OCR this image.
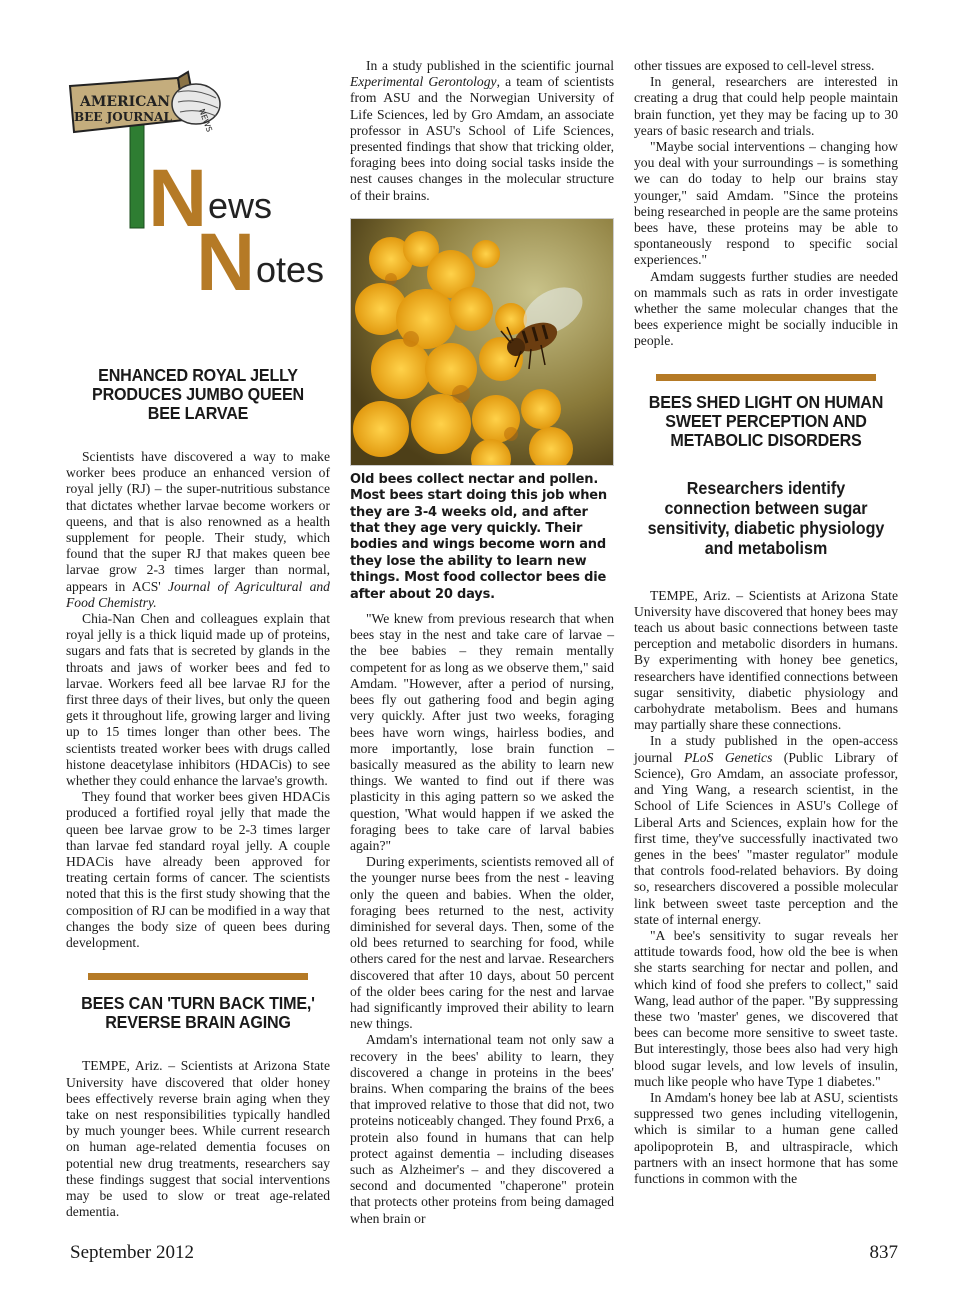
NEWS
AMERICAN
BEE JOURNAL
N ews
N otes
ENHANCED ROYAL JELLY PRODUCES JUMBO QUEEN BEE LARVAE

Scientists have discovered a way to make worker bees produce an enhanced version of royal jelly (RJ) – the super-nutritious substance that dictates whether larvae become workers or queens, and that is also renowned as a health supplement for people. Their study, which found that the super RJ that makes queen bee larvae grow 2-3 times larger than normal, appears in ACS' Journal of Agricultural and Food Chemistry.

Chia-Nan Chen and colleagues explain that royal jelly is a thick liquid made up of proteins, sugars and fats that is secreted by glands in the throats and jaws of worker bees and fed to larvae. Workers feed all bee larvae RJ for the first three days of their lives, but only the queen gets it throughout life, growing larger and living up to 15 times longer than other bees. The scientists treated worker bees with drugs called histone deacetylase inhibitors (HDACis) to see whether they could enhance the larvae's growth.

They found that worker bees given HDACis produced a fortified royal jelly that made the queen bee larvae grow to be 2-3 times larger than larvae fed standard royal jelly. A couple HDACis have already been approved for treating certain forms of cancer. The scientists noted that this is the first study showing that the composition of RJ can be modified in a way that changes the body size of queen bees during development.

BEES CAN 'TURN BACK TIME,' REVERSE BRAIN AGING

TEMPE, Ariz. – Scientists at Arizona State University have discovered that older honey bees effectively reverse brain aging when they take on nest responsibilities typically handled by much younger bees. While current research on human age-related dementia focuses on potential new drug treatments, researchers say these findings suggest that social interventions may be used to slow or treat age-related dementia.

In a study published in the scientific journal Experimental Gerontology, a team of scientists from ASU and the Norwegian University of Life Sciences, led by Gro Amdam, an associate professor in ASU's School of Life Sciences, presented findings that show that tricking older, foraging bees into doing social tasks inside the nest causes changes in the molecular structure of their brains.

Old bees collect nectar and pollen. Most bees start doing this job when they are 3-4 weeks old, and after that they age very quickly. Their bodies and wings become worn and they lose the ability to learn new things. Most food collector bees die after about 20 days.

"We knew from previous research that when bees stay in the nest and take care of larvae – the bee babies – they remain mentally competent for as long as we observe them," said Amdam. "However, after a period of nursing, bees fly out gathering food and begin aging very quickly. After just two weeks, foraging bees have worn wings, hairless bodies, and more importantly, lose brain function – basically measured as the ability to learn new things. We wanted to find out if there was plasticity in this aging pattern so we asked the question, 'What would happen if we asked the foraging bees to take care of larval babies again?"

During experiments, scientists removed all of the younger nurse bees from the nest - leaving only the queen and babies. When the older, foraging bees returned to the nest, activity diminished for several days. Then, some of the old bees returned to searching for food, while others cared for the nest and larvae. Researchers discovered that after 10 days, about 50 percent of the older bees caring for the nest and larvae had significantly improved their ability to learn new things.

Amdam's international team not only saw a recovery in the bees' ability to learn, they discovered a change in proteins in the bees' brains. When comparing the brains of the bees that improved relative to those that did not, two proteins noticeably changed. They found Prx6, a protein also found in humans that can help protect against dementia – including diseases such as Alzheimer's – and they discovered a second and documented "chaperone" protein that protects other proteins from being damaged when brain or

other tissues are exposed to cell-level stress.

In general, researchers are interested in creating a drug that could help people maintain brain function, yet they may be facing up to 30 years of basic research and trials.

"Maybe social interventions – changing how you deal with your surroundings – is something we can do today to help our brains stay younger," said Amdam. "Since the proteins being researched in people are the same proteins bees have, these proteins may be able to spontaneously respond to specific social experiences."

Amdam suggests further studies are needed on mammals such as rats in order investigate whether the same molecular changes that the bees experience might be socially inducible in people.

BEES SHED LIGHT ON HUMAN SWEET PERCEPTION AND METABOLIC DISORDERS
Researchers identify connection between sugar sensitivity, diabetic physiology and metabolism

TEMPE, Ariz. – Scientists at Arizona State University have discovered that honey bees may teach us about basic connections between taste perception and metabolic disorders in humans. By experimenting with honey bee genetics, researchers have identified connections between sugar sensitivity, diabetic physiology and carbohydrate metabolism. Bees and humans may partially share these connections.

In a study published in the open-access journal PLoS Genetics (Public Library of Science), Gro Amdam, an associate professor, and Ying Wang, a research scientist, in the School of Life Sciences in ASU's College of Liberal Arts and Sciences, explain how for the first time, they've successfully inactivated two genes in the bees' "master regulator" module that controls food-related behaviors. By doing so, researchers discovered a possible molecular link between sweet taste perception and the state of internal energy.

"A bee's sensitivity to sugar reveals her attitude towards food, how old the bee is when she starts searching for nectar and pollen, and which kind of food she prefers to collect," said Wang, lead author of the paper. "By suppressing these two 'master' genes, we discovered that bees can become more sensitive to sweet taste. But interestingly, those bees also had very high blood sugar levels, and low levels of insulin, much like people who have Type 1 diabetes."

In Amdam's honey bee lab at ASU, scientists suppressed two genes including vitellogenin, which is similar to a human gene called apolipoprotein B, and ultraspiracle, which partners with an insect hormone that has some functions in common with the

September 2012	837
